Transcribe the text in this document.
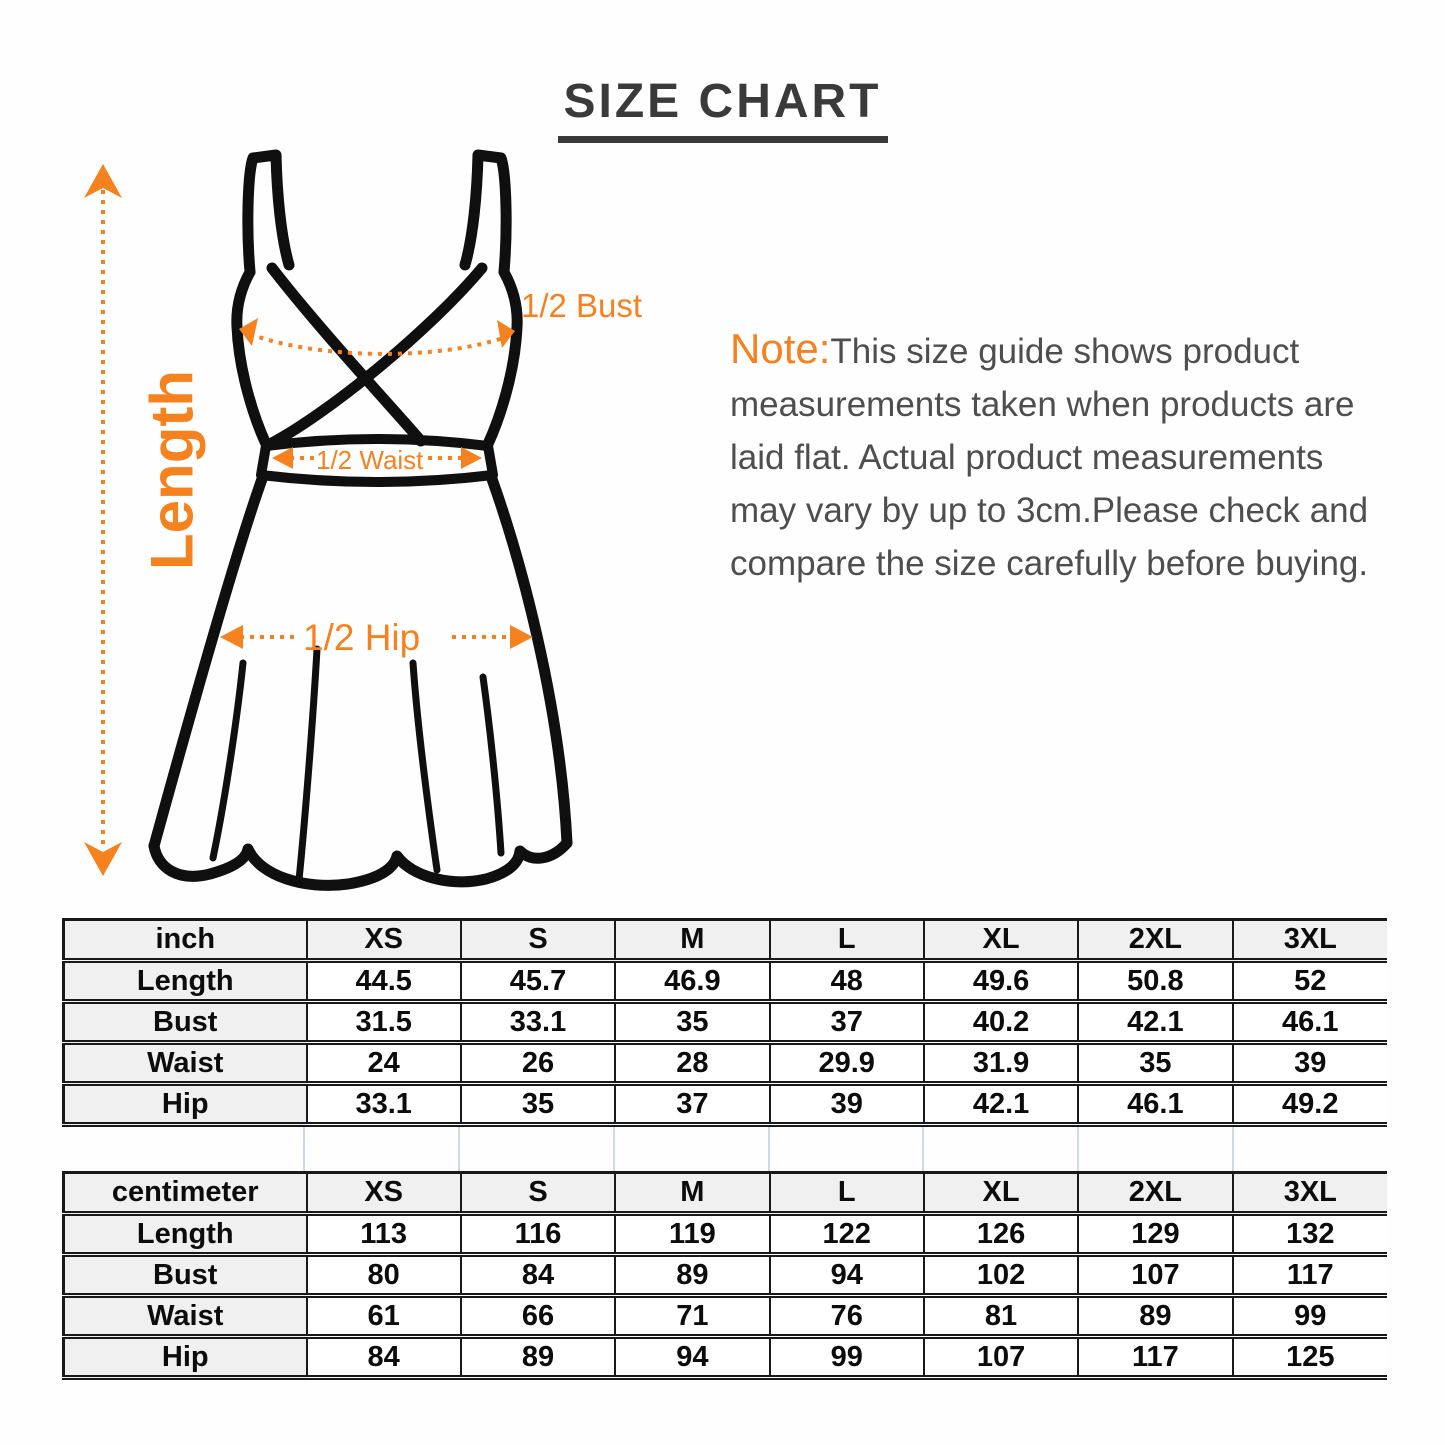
SIZE CHART
Length
1/2 Bust
1/2 Waist
1/2 Hip
Note:This size guide shows product
measurements taken when products are
laid flat. Actual product measurements
may vary by up to 3cm.Please check and
compare the size carefully before buying.
inch	XS	S	M	L	XL	2XL	3XL
Length	44.5	45.7	46.9	48	49.6	50.8	52
Bust	31.5	33.1	35	37	40.2	42.1	46.1
Waist	24	26	28	29.9	31.9	35	39
Hip	33.1	35	37	39	42.1	46.1	49.2
centimeter	XS	S	M	L	XL	2XL	3XL
Length	113	116	119	122	126	129	132
Bust	80	84	89	94	102	107	117
Waist	61	66	71	76	81	89	99
Hip	84	89	94	99	107	117	125
